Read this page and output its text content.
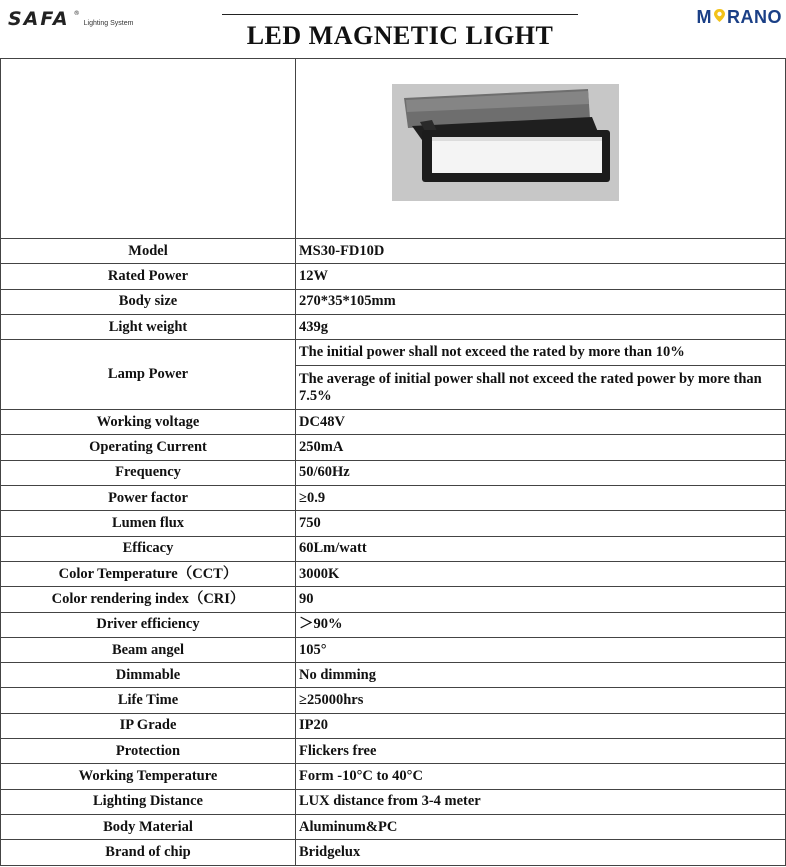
SAFA ®
Lighting System	LED MAGNETIC LIGHT
M RANO

Model	MS30-FD10D
Rated Power	12W
Body size	270*35*105mm
Light weight	439g
Lamp Power	The initial power shall not exceed the rated by more than 10%
	The average of initial power shall not exceed the rated power by more than 7.5%
Working voltage	DC48V
Operating Current	250mA
Frequency	50/60Hz
Power factor	≥0.9
Lumen flux	750
Efficacy	60Lm/watt
Color Temperature（CCT）	3000K
Color rendering index（CRI）	90
Driver efficiency	＞90%
Beam angel	105°
Dimmable	No dimming
Life Time	≥25000hrs
IP Grade	IP20
Protection	Flickers free
Working Temperature	Form -10°C to 40°C
Lighting Distance	LUX distance from 3-4 meter
Body Material	Aluminum&PC
Brand of chip	Bridgelux
